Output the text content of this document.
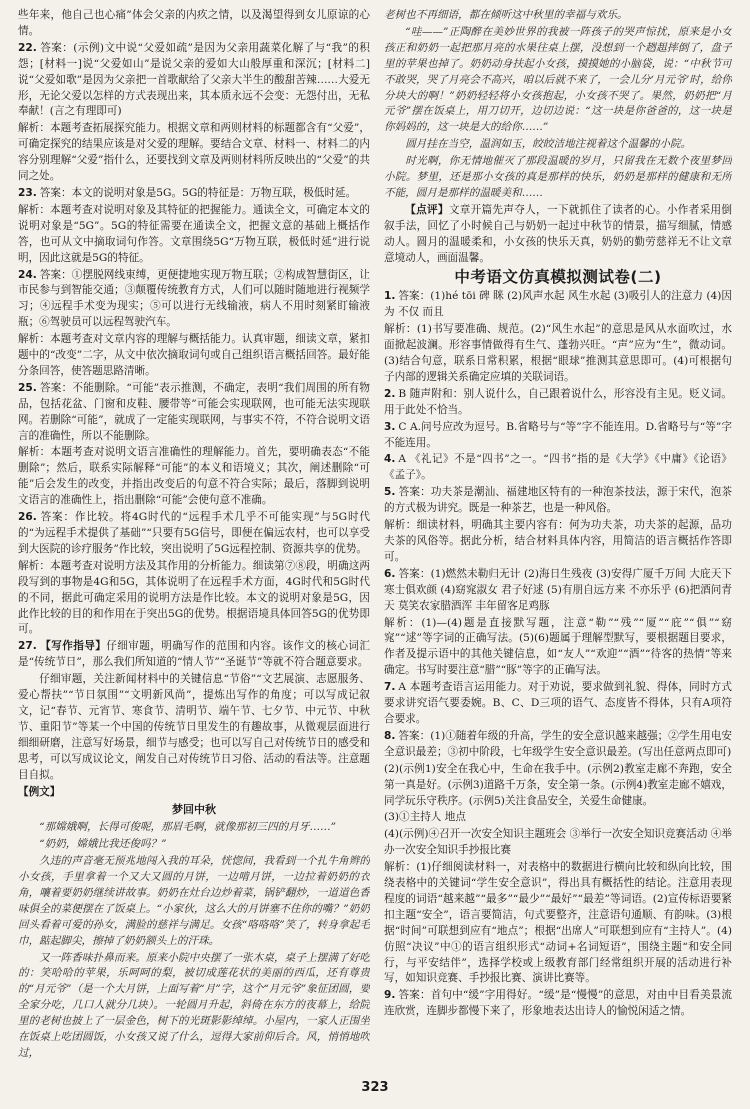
些年来，他自己也心痛”体会父亲的内疚之情，以及渴望得到女儿原谅的心情。
22. 答案：(示例)文中说“父爱如疏”是因为父亲用蔬菜化解了与“我”的积怨；[材料一]说“父爱如山”是说父亲的爱如大山般厚重和深沉；[材料二]说“父爱如歌”是因为父亲把一首歌献给了父亲大半生的酸甜苦辣……大爱无形，无论父爱以怎样的方式表现出来，其本质永远不会变：无怨付出，无私奉献！(言之有理即可)
解析：本题考查拓展探究能力。根据文章和两则材料的标题都含有“父爱”，可确定探究的结果应该是对父爱的理解。要结合文章、材料一、材料二的内容分别理解“父爱”指什么，还要找到文章及两则材料所反映出的“父爱”的共同之处。
23. 答案：本文的说明对象是5G。5G的特征是：万物互联，极低时延。
解析：本题考查对说明对象及其特征的把握能力。通读全文，可确定本文的说明对象是“5G”。5G的特征需要在通读全文，把握文意的基础上概括作答，也可从文中摘取词句作答。文章围绕5G“万物互联，极低时延”进行说明，因此这就是5G的特征。
24. 答案：①摆脱网线束缚，更便捷地实现万物互联；②构成智慧街区，让市民参与到智能交通；③颠覆传统教育方式，人们可以随时随地进行视频学习；④远程手术变为现实；⑤可以进行无线输液，病人不用时刻紧盯输液瓶；⑥驾驶员可以远程驾驶汽车。
解析：本题考查对文章内容的理解与概括能力。认真审题，细读文章，紧扣题中的“改变”二字，从文中依次摘取词句或自己组织语言概括回答。最好能分条回答，使答题思路清晰。
25. 答案：不能删除。“可能”表示推测，不确定，表明“我们周围的所有物品，包括花盆、门窗和皮鞋、腰带等”可能会实现联网，也可能无法实现联网。若删除“可能”，就成了一定能实现联网，与事实不符，不符合说明文语言的准确性，所以不能删除。
解析：本题考查对说明文语言准确性的理解能力。首先，要明确表态“不能删除”；然后，联系实际解释“可能”的本义和语境义；其次，阐述删除“可能”后会发生的改变，并指出改变后的句意不符合实际；最后，落脚到说明文语言的准确性上，指出删除“可能”会使句意不准确。
26. 答案：作比较。将4G时代的“远程手术几乎不可能实现”与5G时代的“为远程手术提供了基础”“只要有5G信号，即便在偏远农村，也可以享受到大医院的诊疗服务”作比较，突出说明了5G远程控制、资源共享的优势。
解析：本题考查对说明方法及其作用的分析能力。细读第⑦⑧段，明确这两段写到的事物是4G和5G，其体说明了在远程手术方面，4G时代和5G时代的不同，据此可确定采用的说明方法是作比较。本文的说明对象是5G，因此作比较的目的和作用在于突出5G的优势。根据语境具体回答5G的优势即可。
27. 【写作指导】仔细审题，明确写作的范围和内容。该作文的核心词汇是“传统节日”，那么我们所知道的“情人节”“圣诞节”等就不符合题意要求。
仔细审题，关注新闻材料中的关键信息“节俗”“文艺展演、志愿服务、爱心帮扶”“节日氛围”“文明新风尚”，提炼出写作的角度；可以写成记叙文，记“春节、元宵节、寒食节、清明节、端午节、七夕节、中元节、中秋节、重阳节”等某一个中国的传统节日里发生的有趣故事，从微观层面进行细细研磨，注意写好场景，细节与感受；也可以写自己对传统节日的感受和思考，可以写成议论文，阐发自己对传统节日习俗、活动的看法等。注意题目自拟。
【例文】
梦回中秋
“那嫦娥啊，长得可俊呢，那眉毛啊，就像那初三四的月牙……”
“奶奶，嫦娥比我还俊吗？”
久违的声音毫无预兆地闯入我的耳朵，恍惚间，我看到一个扎牛角辫的小女孩，手里拿着一个又大又圆的月饼，一边啃月饼，一边拉着奶奶的衣角，嚷着要奶奶继续讲故事。奶奶在灶台边炒着菜，锅铲翻炒，一道道色香味俱全的菜便摆在了饭桌上。“小家伙，这么大的月饼塞不住你的嘴？”奶奶回头看着可爱的孙女，满脸的慈祥与满足。女孩“咯咯咯”笑了，转身拿起毛巾，踮起脚尖，擦掉了奶奶额头上的汗珠。
又一阵香味扑鼻而来。原来小院中央摆了一张木桌，桌子上摆满了好吃的：笑哈哈的苹果，乐呵呵的梨，被切成莲花状的美丽的西瓜，还有尊贵的“月元爷”（是一个大月饼，上面写着“月”字，这个“月元爷”象征团圆，要全家分吃，几口人就分几块）。一轮圆月升起，斜倚在东方的夜幕上，给院里的老树也披上了一层金色，树下的光斑影影绰绰。小屋内，一家人正围坐在饭桌上吃团圆饭，小女孩又说了什么，逗得大家前仰后合。风，悄悄地吹过，
老树也不再细语，都在倾听这中秋里的幸福与欢乐。
“哇——”正陶醉在美妙世界的我被一阵孩子的哭声惊扰，原来是小女孩正和奶奶一起把那月亮的水果往桌上摆，没想到一个趔趄摔倒了，盘子里的苹果也掉了。奶奶动身扶起小女孩，摸摸她的小脑袋，说：“中秋节可不敢哭，哭了月亮会不高兴，咱以后就不来了，一会儿分‘月元爷’时，给你分块大的啊！”奶奶轻轻将小女孩抱起，小女孩不哭了。果然，奶奶把“月元爷”摆在饭桌上，用刀切开，边切边说：“这一块是你爸爸的，这一块是你妈妈的，这一块是大的给你……”
圆月挂在当空，温润如玉，皎皎洁地注视着这个温馨的小院。
时光啊，你无情地催灭了那段温暖的岁月，只留我在无数个夜里梦回小院。梦里，还是那小女孩的真是那样的快乐，奶奶是那样的健康和无所不能，圆月是那样的温暖美和……
【点评】文章开篇先声夺人，一下就抓住了读者的心。小作者采用倒叙手法，回忆了小时候自己与奶奶一起过中秋节的情景，描写细腻，情感动人。圆月的温暖柔和，小女孩的快乐天真，奶奶的勤劳慈祥无不让文章意境动人，画面温馨。
中考语文仿真模拟测试卷(二)
1. 答案：(1)hé tōi 碑 眯 (2)风声水起 风生水起 (3)吸引人的注意力 (4)因为 不仅 而且
解析：(1)书写要准确、规范。(2)“风生水起”的意思是风从水面吹过，水面掀起波澜。形容事情做得有生气、蓬勃兴旺。“声”应为“生”，微动词。(3)结合句意，联系日常积累，根据“眼球”推测其意思即可。(4)可根据句子内部的逻辑关系确定应填的关联词语。
2. B 随声附和：别人说什么，自己跟着说什么，形容没有主见。贬义词。用于此处不恰当。
3. C A.问号应改为逗号。B.省略号与“等”字不能连用。D.省略号与“等”字不能连用。
4. A 《礼记》不是“四书”之一。“四书”指的是《大学》《中庸》《论语》《孟子》。
5. 答案：功夫茶是潮汕、福建地区特有的一种泡茶技法，源于宋代，泡茶的方式极为讲究。既是一种茶艺，也是一种风俗。
解析：细读材料，明确其主要内容有：何为功夫茶，功夫茶的起源，品功夫茶的风俗等。据此分析，结合材料具体内容，用简洁的语言概括作答即可。
6. 答案：(1)燃然未勒归无计 (2)海日生残夜 (3)安得广厦千万间 大庇天下寒士俱欢颜 (4)窈窕淑女 君子好逑 (5)有朋自远方来 不亦乐乎 (6)把酒问青天 莫笑农家腊酒浑 丰年留客足鸡豚
解析：(1)—(4)题是直接默写题，注意“勒”“残”“厦”“庇”“俱”“窈窕”“逑”等字词的正确写法。(5)(6)题属于理解型默写，要根据题目要求，作者及提示语中的其他关键信息，如“友人”“欢迎”“酒”“待客的热情”等来确定。书写时要注意“腊”“豚”等字的正确写法。
7. A 本题考查语言运用能力。对于劝说，要求做到礼貌、得体，同时方式要求讲究语气要委婉。B、C、D三项的语气、态度皆不得体，只有A项符合要求。
8. 答案：(1)①随着年级的升高，学生的安全意识越来越强；②学生用电安全意识最差；③初中阶段，七年级学生安全意识最差。(写出任意两点即可)
(2)(示例1)安全在我心中，生命在我手中。(示例2)教室走廊不奔跑，安全第一真是好。(示例3)道路千万条，安全第一条。(示例4)教室走廊不嬉戏，同学玩乐守秩序。(示例5)关注食品安全，关爱生命健康。
(3)①主持人 地点
(4)(示例)④召开一次安全知识主题班会 ③举行一次安全知识竞赛活动 ④举办一次安全知识手抄报比赛
解析：(1)仔细阅读材料一，对表格中的数据进行横向比较和纵向比较，围绕表格中的关键词“学生安全意识”，得出具有概括性的结论。注意用表现程度的词语“越来越”“最多”“最少”“最好”“最差”等词语。(2)宣传标语要紧扣主题“安全”，语言要简洁，句式要整齐，注意语句通顺、有韵味。(3)根据“时间”可联想到应有“地点”；根据“出席人”可联想到应有“主持人”。(4)仿照“决议”中①的语言组织形式“动词+名词短语”，围绕主题“和安全同行，与平安结伴”，选择学校或上级教育部门经常组织开展的活动进行补写，如知识竞赛、手抄报比赛、演讲比赛等。
9. 答案：首句中“缓”字用得好。“缓”是“慢慢”的意思，对由中目看美景流连欣赏，连脚步都慢下来了，形象地表达出诗人的愉悦闲适之情。
323
